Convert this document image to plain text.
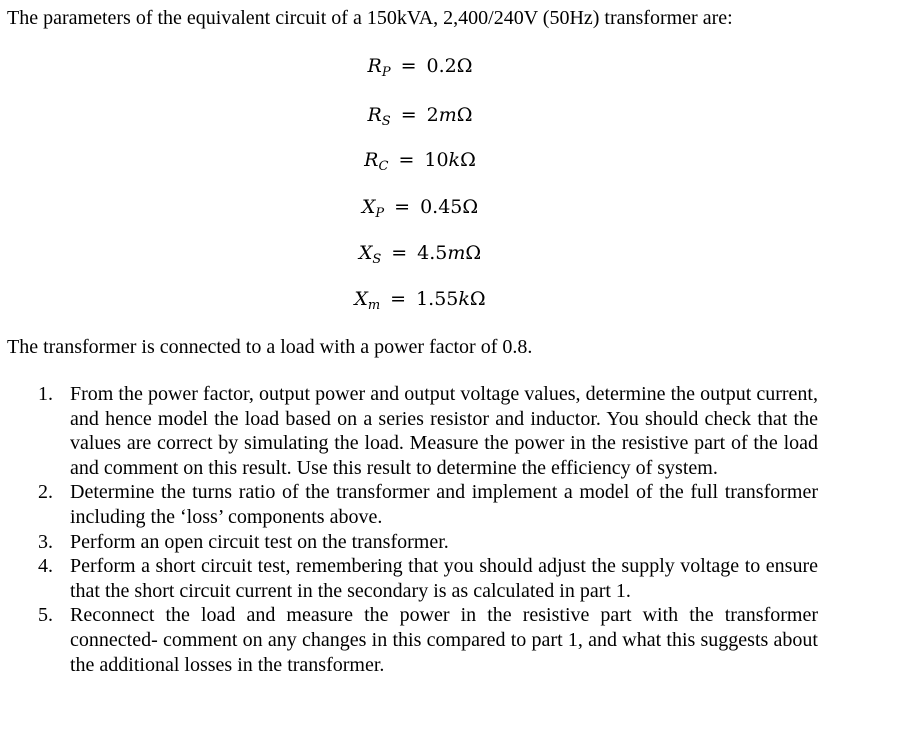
The parameters of the equivalent circuit of a 150kVA, 2,400/240V (50Hz) transformer are:
$R_P = 0.2\Omega$
$R_S = 2m\Omega$
$R_C = 10k\Omega$
$X_P = 0.45\Omega$
$X_S = 4.5m\Omega$
$X_m = 1.55k\Omega$
The transformer is connected to a load with a power factor of 0.8.
1. From the power factor, output power and output voltage values, determine the output current, and hence model the load based on a series resistor and inductor. You should check that the values are correct by simulating the load. Measure the power in the resistive part of the load and comment on this result. Use this result to determine the efficiency of system.
2. Determine the turns ratio of the transformer and implement a model of the full transformer including the ‘loss’ components above.
3. Perform an open circuit test on the transformer.
4. Perform a short circuit test, remembering that you should adjust the supply voltage to ensure that the short circuit current in the secondary is as calculated in part 1.
5. Reconnect the load and measure the power in the resistive part with the transformer connected- comment on any changes in this compared to part 1, and what this suggests about the additional losses in the transformer.
